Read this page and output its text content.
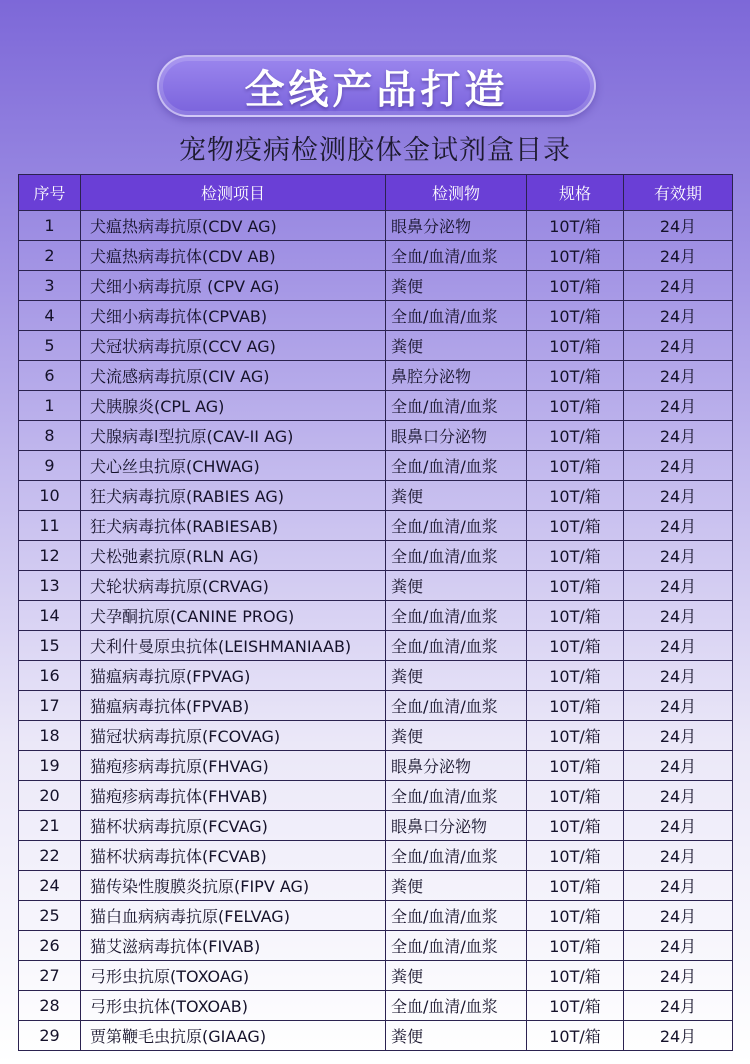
全线产品打造
宠物疫病检测胶体金试剂盒目录
序号	检测项目	检测物	规格	有效期
1	犬瘟热病毒抗原(CDV AG)	眼鼻分泌物	10T/箱	24月
2	犬瘟热病毒抗体(CDV AB)	全血/血清/血浆	10T/箱	24月
3	犬细小病毒抗原 (CPV AG)	粪便	10T/箱	24月
4	犬细小病毒抗体(CPVAB)	全血/血清/血浆	10T/箱	24月
5	犬冠状病毒抗原(CCV AG)	粪便	10T/箱	24月
6	犬流感病毒抗原(CIV AG)	鼻腔分泌物	10T/箱	24月
1	犬胰腺炎(CPL AG)	全血/血清/血浆	10T/箱	24月
8	犬腺病毒l型抗原(CAV-II AG)	眼鼻口分泌物	10T/箱	24月
9	犬心丝虫抗原(CHWAG)	全血/血清/血浆	10T/箱	24月
10	狂犬病毒抗原(RABIES AG)	粪便	10T/箱	24月
11	狂犬病毒抗体(RABIESAB)	全血/血清/血浆	10T/箱	24月
12	犬松弛素抗原(RLN AG)	全血/血清/血浆	10T/箱	24月
13	犬轮状病毒抗原(CRVAG)	粪便	10T/箱	24月
14	犬孕酮抗原(CANINE PROG)	全血/血清/血浆	10T/箱	24月
15	犬利什曼原虫抗体(LEISHMANIAAB)	全血/血清/血浆	10T/箱	24月
16	猫瘟病毒抗原(FPVAG)	粪便	10T/箱	24月
17	猫瘟病毒抗体(FPVAB)	全血/血清/血浆	10T/箱	24月
18	猫冠状病毒抗原(FCOVAG)	粪便	10T/箱	24月
19	猫疱疹病毒抗原(FHVAG)	眼鼻分泌物	10T/箱	24月
20	猫疱疹病毒抗体(FHVAB)	全血/血清/血浆	10T/箱	24月
21	猫杯状病毒抗原(FCVAG)	眼鼻口分泌物	10T/箱	24月
22	猫杯状病毒抗体(FCVAB)	全血/血清/血浆	10T/箱	24月
24	猫传染性腹膜炎抗原(FIPV AG)	粪便	10T/箱	24月
25	猫白血病病毒抗原(FELVAG)	全血/血清/血浆	10T/箱	24月
26	猫艾滋病毒抗体(FIVAB)	全血/血清/血浆	10T/箱	24月
27	弓形虫抗原(TOXOAG)	粪便	10T/箱	24月
28	弓形虫抗体(TOXOAB)	全血/血清/血浆	10T/箱	24月
29	贾第鞭毛虫抗原(GIAAG)	粪便	10T/箱	24月
